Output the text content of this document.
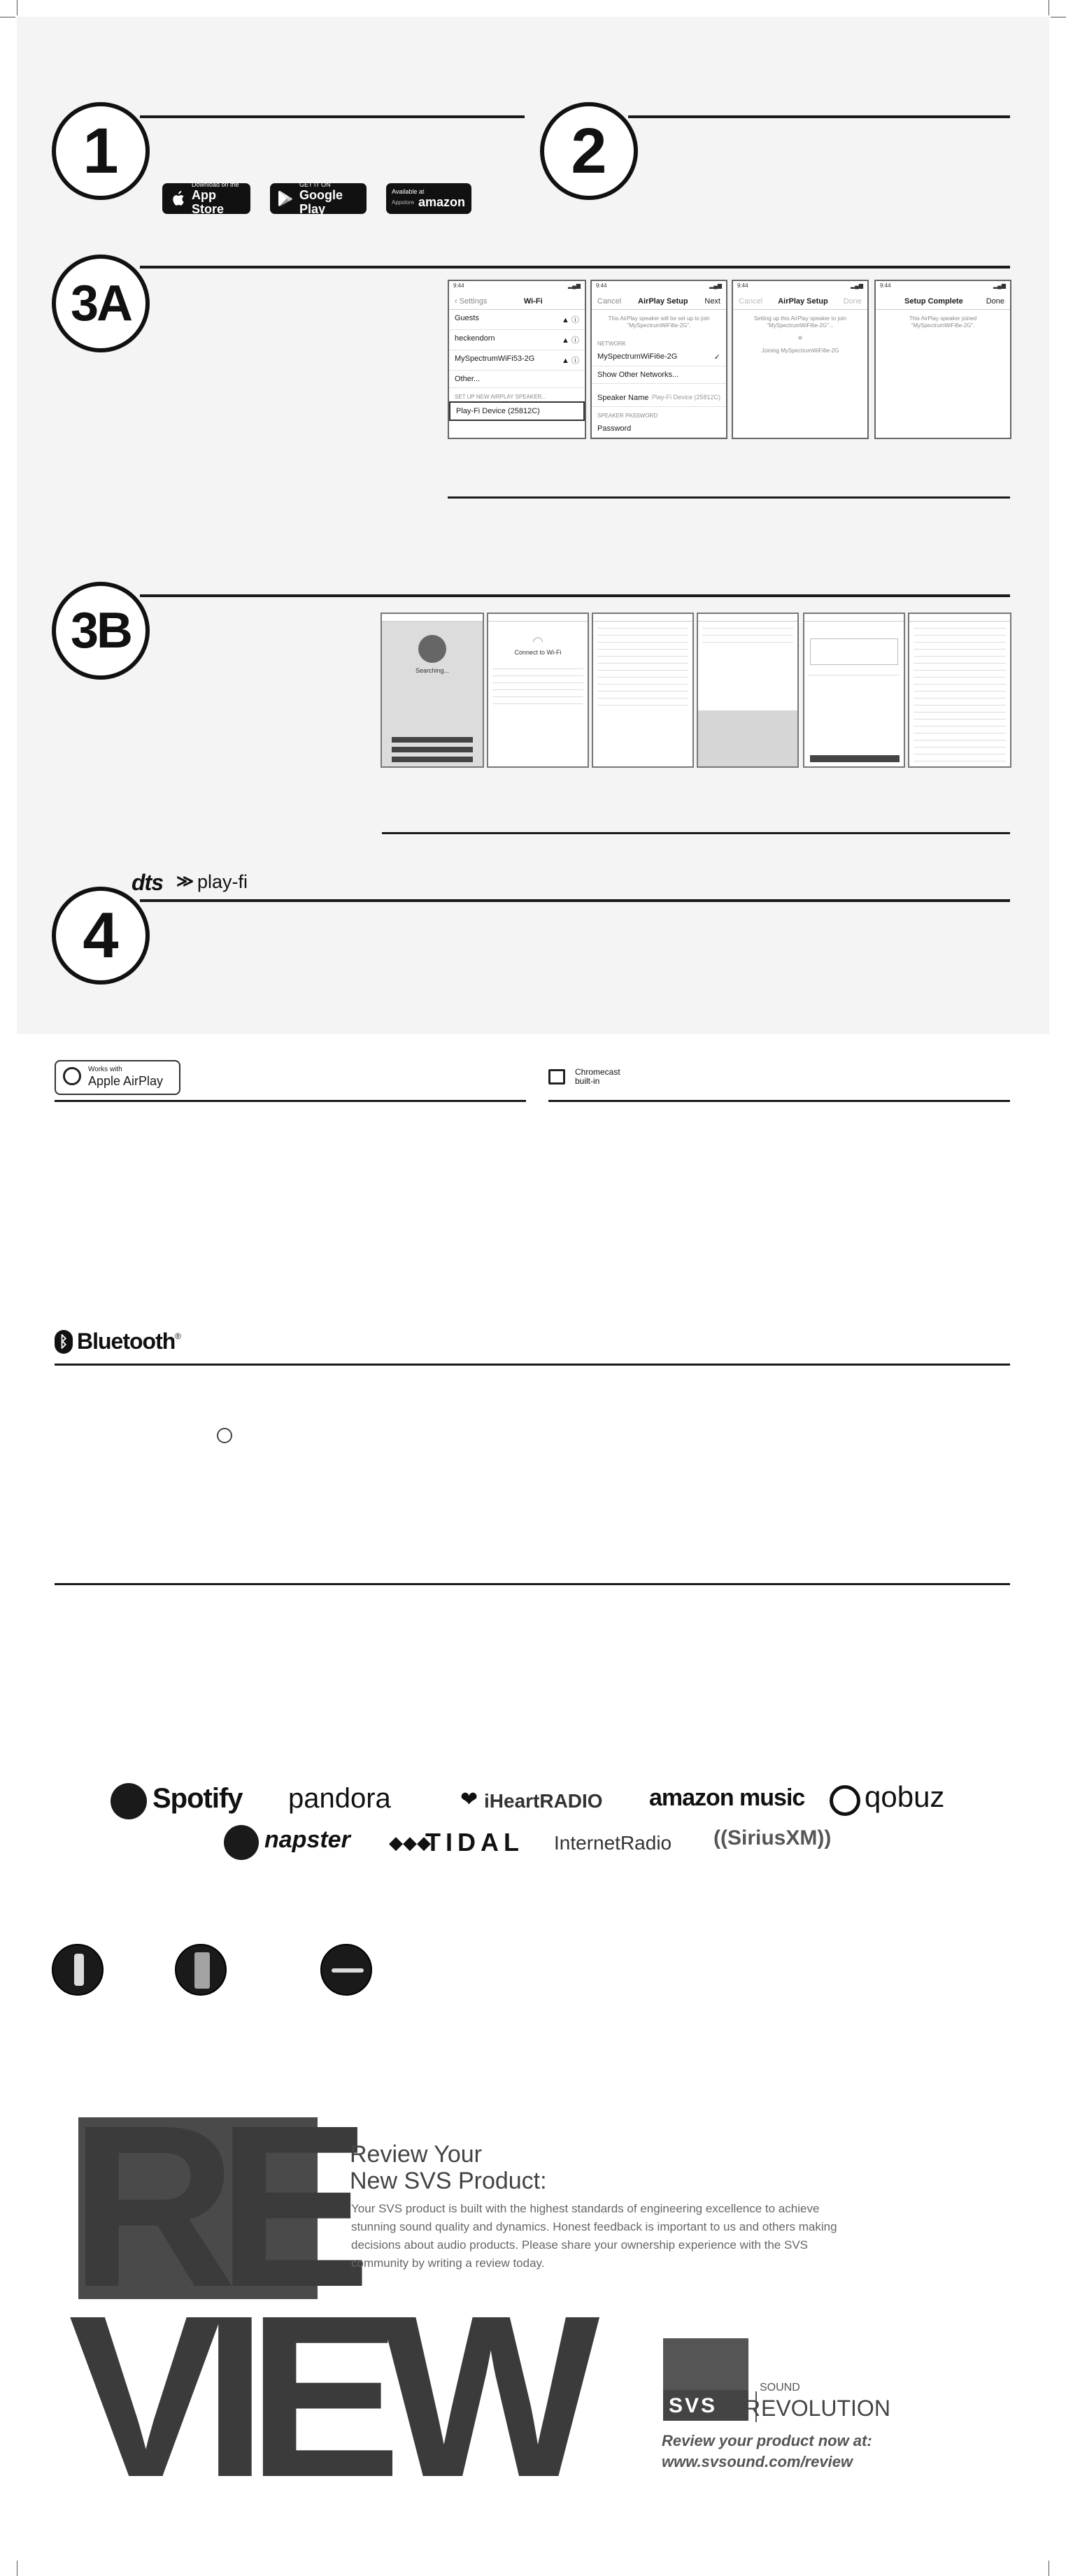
1	Download on the
App Store
GET IT ON
Google Play
Available at
Appstore amazon
2
3A	9:44	▂▄▆
‹ Settings	Wi-Fi
Guests	▲ ⓘ
heckendorn	▲ ⓘ
MySpectrumWiFi53-2G	▲ ⓘ
Other...
SET UP NEW AIRPLAY SPEAKER...
Play-Fi Device (25812C)
9:44	▂▄▆
Cancel AirPlay Setup Next
This AirPlay speaker will be set up to join "MySpectrumWiFi6e-2G".
NETWORK
MySpectrumWiFi6e-2G	✓
Show Other Networks...
Speaker Name Play-Fi Device (25812C)
SPEAKER PASSWORD
Password
9:44	▂▄▆
Cancel AirPlay Setup Done
Setting up this AirPlay speaker to join "MySpectrumWiFi6e-2G"...
✲
Joining MySpectrumWiFi6e-2G
9:44	▂▄▆
Setup Complete	Done
This AirPlay speaker joined "MySpectrumWiFi6e-2G".
3B
Searching...
◠
Connect to Wi-Fi
dts ≫ play-fi
4
Works with
Apple AirPlay
Chromecast
built-in
ᛒ Bluetooth ®
Spotify pandora	❤ iHeartRADIO amazon music qobuz
napster ◆◆◆
TIDAL InternetRadio ((SiriusXM))
RE
VIEW
Review Your
New SVS Product:
Your SVS product is built with the highest standards of engineering excellence to achieve stunning sound quality and dynamics. Honest feedback is important to us and others making decisions about audio products. Please share your ownership experience with the SVS community by writing a review today.
SVS
SOUND
R EVOLUTION
Review your product now at:
www.svsound.com/review
